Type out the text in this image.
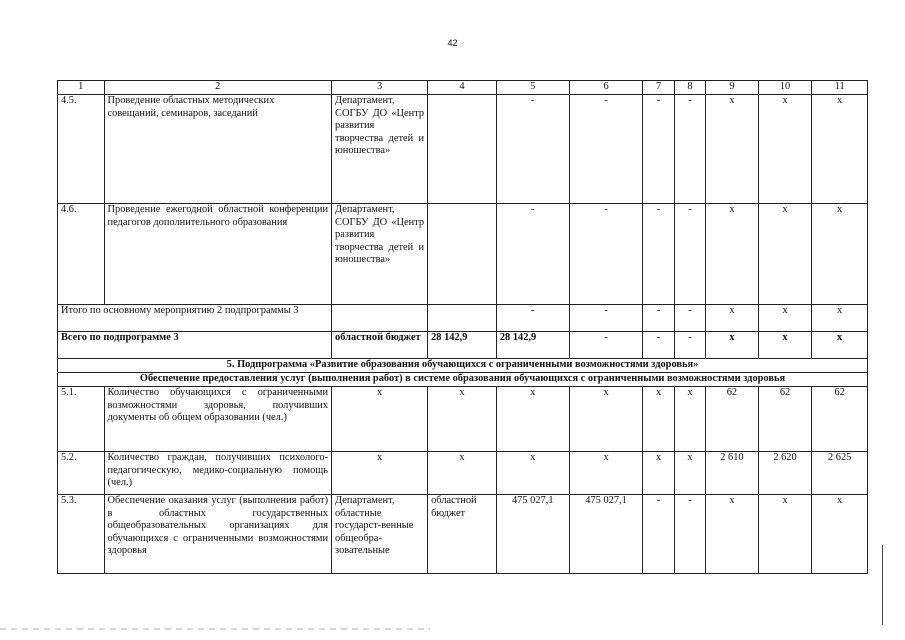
42
1	2	3	4	5	6	7	8	9	10	11
4.5.	Проведение областных методических совещаний, семинаров, заседаний	Департамент, СОГБУ ДО «Центр развития творчества детей и юношества»		-	-	-	-	х	х	х
4.6.	Проведение ежегодной областной конференции педагогов дополнительного образования	Департамент, СОГБУ ДО «Центр развития творчества детей и юношества»		-	-	-	-	х	х	х
Итого по основному мероприятию 2 подпрограммы 3				-	-	-	-	х	х	х
Всего по подпрограмме 3		областной бюджет	28 142,9	28 142,9	-	-	-	х	х	х
5. Подпрограмма «Развитие образования обучающихся с ограниченными возможностями здоровья»										
Обеспечение предоставления услуг (выполнения работ) в системе образования обучающихся с ограниченными возможностями здоровья										
5.1.	Количество обучающихся с ограниченными возможностями здоровья, получивших документы об общем образовании (чел.)	х	х	х	х	х	х	62	62	62
5.2.	Количество граждан, получивших психолого-педагогическую, медико-социальную помощь (чел.)	х	х	х	х	х	х	2 610	2 620	2 625
5.3.	Обеспечение оказания услуг (выполнения работ) в областных государственных общеобразовательных организациях для обучающихся с ограниченными возможностями здоровья	Департамент, областные государст-венные общеобра-зовательные	областной бюджет	475 027,1	475 027,1	-	-	х	х	х
